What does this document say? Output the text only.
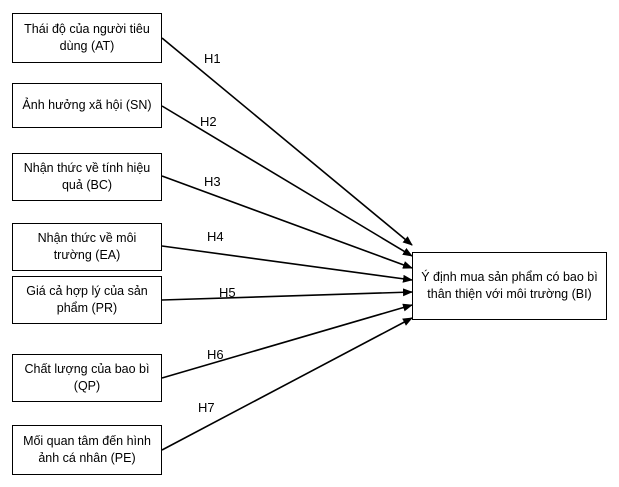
Thái độ của người tiêu dùng (AT)
Ảnh hưởng xã hội (SN)
Nhận thức về tính hiệu quả (BC)
Nhận thức về môi trường (EA)
Giá cả hợp lý của sản phẩm (PR)
Chất lượng của bao bì (QP)
Mối quan tâm đến hình ảnh cá nhân (PE)
Ý định mua sản phẩm có bao bì thân thiện với môi trường (BI)
H1
H2
H3
H4
H5
H6
H7
